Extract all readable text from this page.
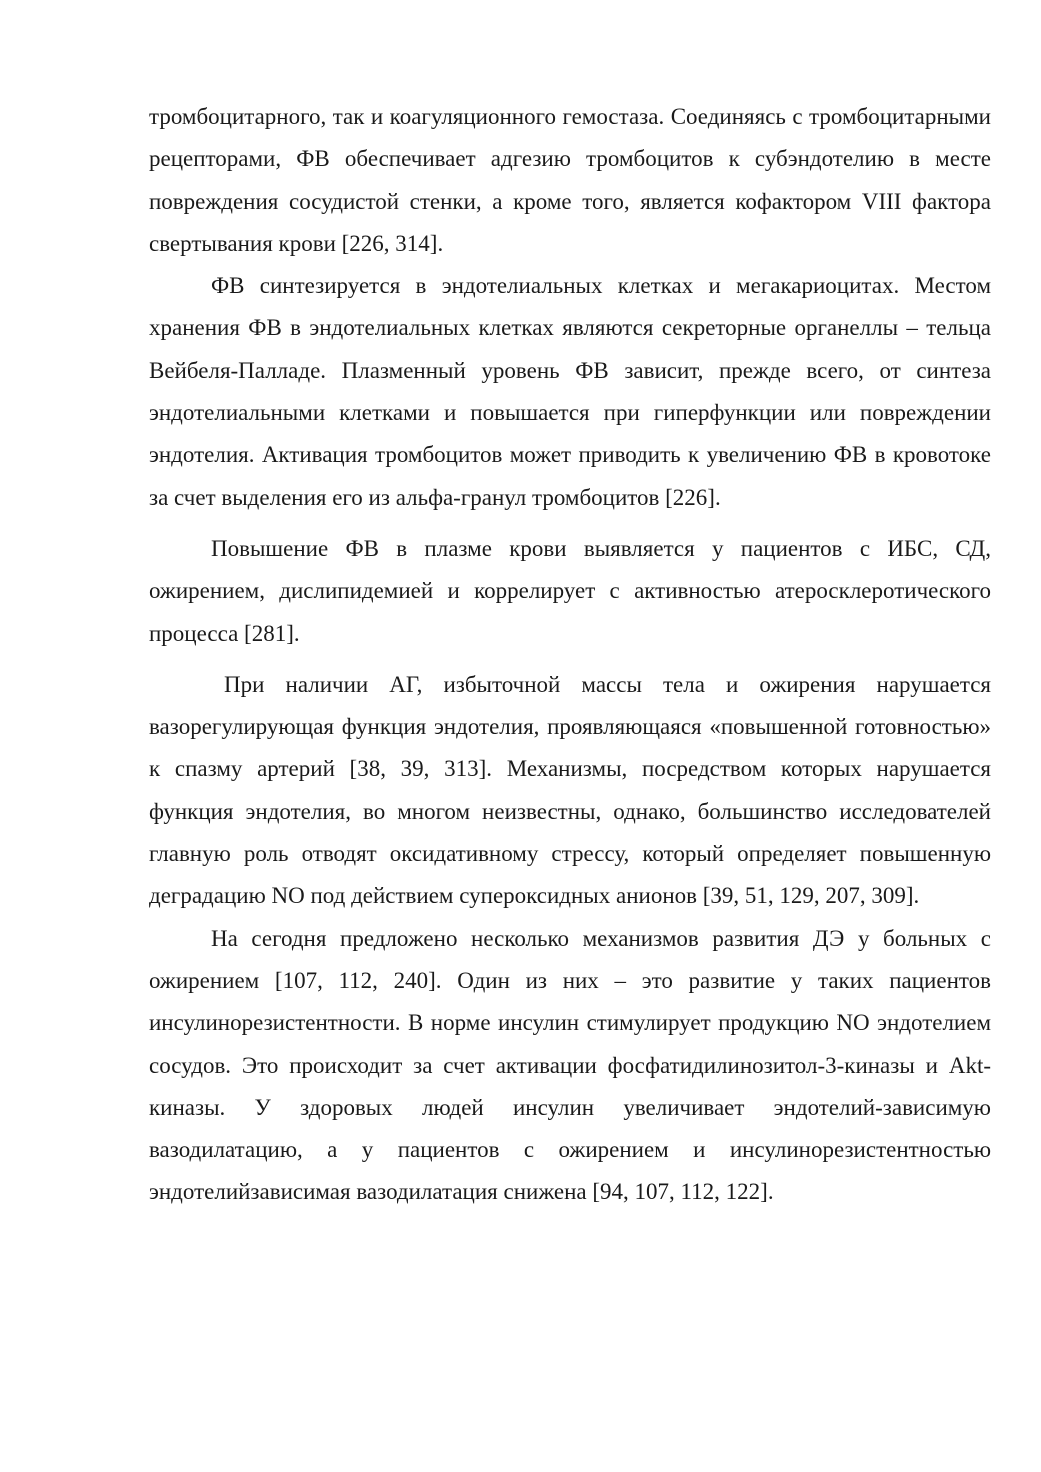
тромбоцитарного, так и коагуляционного гемостаза. Соединяясь с тромбоцитарными рецепторами, ФВ обеспечивает адгезию тромбоцитов к субэндотелию в месте повреждения сосудистой стенки, а кроме того, является кофактором VIII фактора свертывания крови [226, 314].

ФВ синтезируется в эндотелиальных клетках и мегакариоцитах. Местом хранения ФВ в эндотелиальных клетках являются секреторные органеллы – тельца Вейбеля-Палладе. Плазменный уровень ФВ зависит, прежде всего, от синтеза эндотелиальными клетками и повышается при гиперфункции или повреждении эндотелия. Активация тромбоцитов может приводить к увеличению ФВ в кровотоке за счет выделения его из альфа-гранул тромбоцитов [226].

Повышение ФВ в плазме крови выявляется у пациентов с ИБС, СД, ожирением, дислипидемией и коррелирует с активностью атеросклеротического процесса [281].

При наличии АГ, избыточной массы тела и ожирения нарушается вазорегулирующая функция эндотелия, проявляющаяся «повышенной готовностью» к спазму артерий [38, 39, 313]. Механизмы, посредством которых нарушается функция эндотелия, во многом неизвестны, однако, большинство исследователей главную роль отводят оксидативному стрессу, который определяет повышенную деградацию NO под действием супероксидных анионов [39, 51, 129, 207, 309].

На сегодня предложено несколько механизмов развития ДЭ у больных с ожирением [107, 112, 240]. Один из них – это развитие у таких пациентов инсулинорезистентности. В норме инсулин стимулирует продукцию NO эндотелием сосудов. Это происходит за счет активации фосфатидилинозитол-3-киназы и Akt-киназы. У здоровых людей инсулин увеличивает эндотелий-зависимую вазодилатацию, а у пациентов с ожирением и инсулинорезистентностью эндотелийзависимая вазодилатация снижена [94, 107, 112, 122].
